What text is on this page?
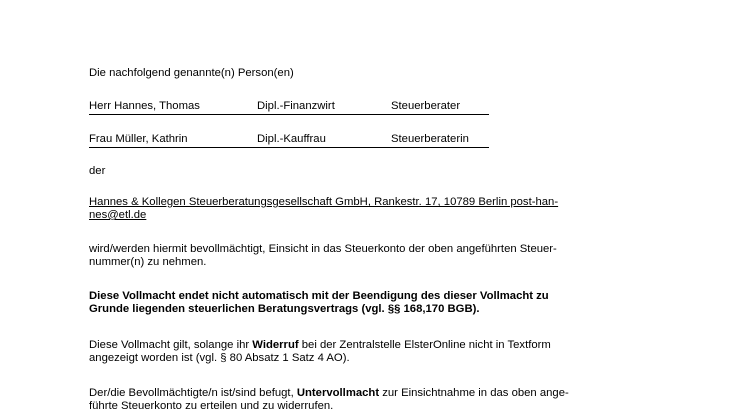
Die nachfolgend genannte(n) Person(en)
Herr Hannes, Thomas	Dipl.-Finanzwirt	Steuerberater
Frau Müller, Kathrin	Dipl.-Kauffrau	Steuerberaterin
der
Hannes & Kollegen Steuerberatungsgesellschaft GmbH, Rankestr. 17, 10789 Berlin post-han-
nes@etl.de
wird/werden hiermit bevollmächtigt, Einsicht in das Steuerkonto der oben angeführten Steuer-
nummer(n) zu nehmen.
Diese Vollmacht endet nicht automatisch mit der Beendigung des dieser Vollmacht zu
Grunde liegenden steuerlichen Beratungsvertrags (vgl. §§ 168,170 BGB).
Diese Vollmacht gilt, solange ihr Widerruf bei der Zentralstelle ElsterOnline nicht in Textform
angezeigt worden ist (vgl. § 80 Absatz 1 Satz 4 AO).
Der/die Bevollmächtigte/n ist/sind befugt, Untervollmacht zur Einsichtnahme in das oben ange-
führte Steuerkonto zu erteilen und zu widerrufen.
